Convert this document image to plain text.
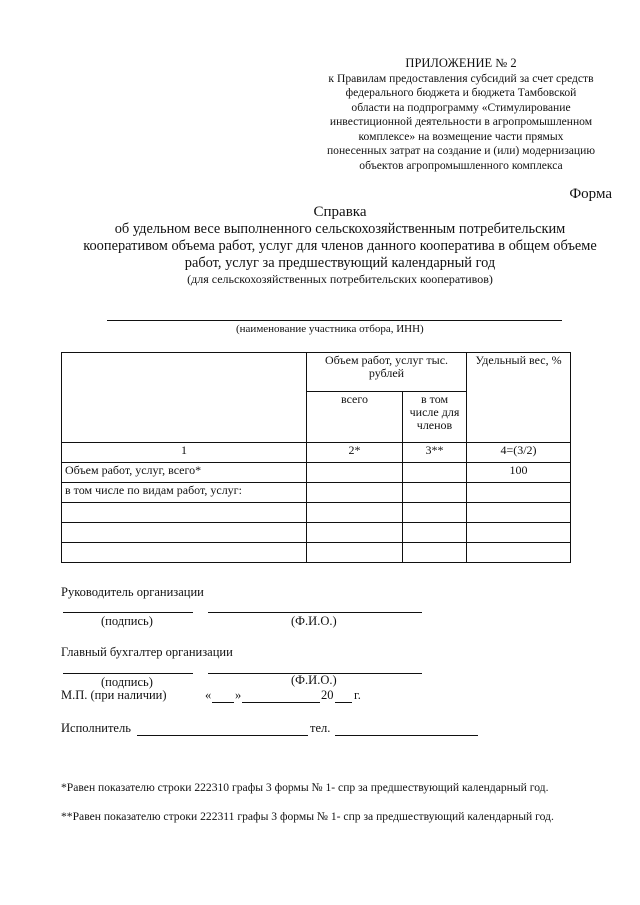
ПРИЛОЖЕНИЕ № 2
к Правилам предоставления субсидий за счет средств
федерального бюджета и бюджета Тамбовской
области на подпрограмму «Стимулирование
инвестиционной деятельности в агропромышленном
комплексе» на возмещение части прямых
понесенных затрат на создание и (или) модернизацию
объектов агропромышленного комплекса
Форма
Справка
об удельном весе выполненного сельскохозяйственным потребительским
кооперативом объема работ, услуг для членов данного кооператива в общем объеме
работ, услуг за предшествующий календарный год
(для сельскохозяйственных потребительских кооперативов)
(наименование участника отбора, ИНН)
	Объем работ, услуг тыс. рублей		Удельный вес, %
	всего	в том числе для членов	
1	2*	3**	4=(3/2)
Объем работ, услуг, всего*			100
в том числе по видам работ, услуг:			

Руководитель организации
(подпись)	(Ф.И.О.)
Главный бухгалтер организации
(подпись)	(Ф.И.О.)
М.П. (при наличии)	« »	20 г.
Исполнитель	тел.
*Равен показателю строки 222310 графы 3 формы № 1- спр за предшествующий календарный год.
**Равен показателю строки 222311 графы 3 формы № 1- спр за предшествующий календарный год.
